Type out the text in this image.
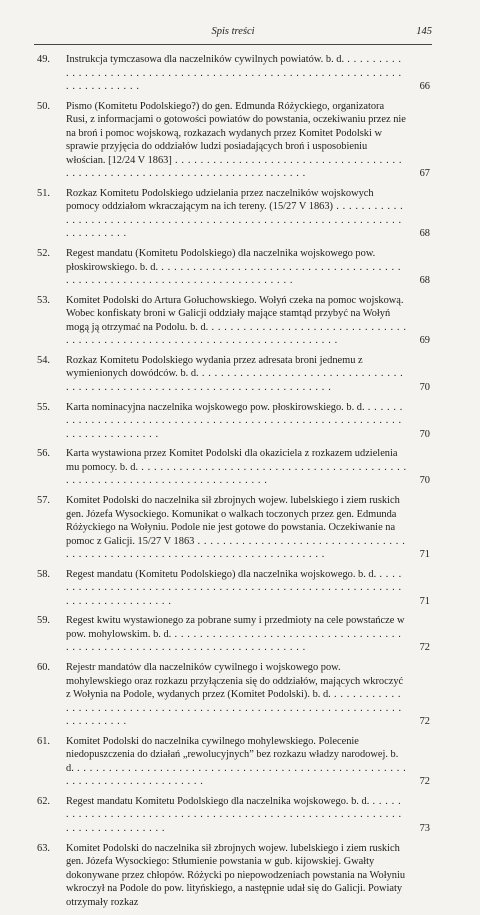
Spis treści	145
49.	Instrukcja tymczasowa dla naczelników cywilnych powiatów. b. d. . . .
66
50.	Pismo (Komitetu Podolskiego?) do gen. Edmunda Różyckiego, organizatora Rusi, z informacjami o gotowości powiatów do powstania, oczekiwaniu przez nie na broń i pomoc wojskową, rozkazach wydanych przez Komitet Podolski w sprawie przyjęcia do oddziałów ludzi posiadających broń i usposobieniu włościan. [12/24 V 1863] . . .
67
51.	Rozkaz Komitetu Podolskiego udzielania przez naczelników wojskowych pomocy oddziałom wkraczającym na ich tereny. (15/27 V 1863) . . .
68
52.	Regest mandatu (Komitetu Podolskiego) dla naczelnika wojskowego pow. płoskirowskiego. b. d. . . .
68
53.	Komitet Podolski do Artura Gołuchowskiego. Wołyń czeka na pomoc wojskową. Wobec konfiskaty broni w Galicji oddziały mające stamtąd przybyć na Wołyń mogą ją otrzymać na Podolu. b. d. . . .
69
54.	Rozkaz Komitetu Podolskiego wydania przez adresata broni jednemu z wymienionych dowódców. b. d. . . .
70
55.	Karta nominacyjna naczelnika wojskowego pow. płoskirowskiego. b. d. . . .
70
56.	Karta wystawiona przez Komitet Podolski dla okaziciela z rozkazem udzielenia mu pomocy. b. d. . . .
70
57.	Komitet Podolski do naczelnika sił zbrojnych wojew. lubelskiego i ziem ruskich gen. Józefa Wysockiego. Komunikat o walkach toczonych przez gen. Edmunda Różyckiego na Wołyniu. Podole nie jest gotowe do powstania. Oczekiwanie na pomoc z Galicji. 15/27 V 1863 . . .
71
58.	Regest mandatu (Komitetu Podolskiego) dla naczelnika wojskowego. b. d. . . .
71
59.	Regest kwitu wystawionego za pobrane sumy i przedmioty na cele powstańcze w pow. mohylowskim. b. d. . . .
72
60.	Rejestr mandatów dla naczelników cywilnego i wojskowego pow. mohylewskiego oraz rozkazu przyłączenia się do oddziałów, mających wkroczyć z Wołynia na Podole, wydanych przez (Komitet Podolski). b. d. . . .
72
61.	Komitet Podolski do naczelnika cywilnego mohylewskiego. Polecenie niedopuszczenia do działań „rewolucyjnych” bez rozkazu władzy narodowej. b. d. . . .
72
62.	Regest mandatu Komitetu Podolskiego dla naczelnika wojskowego. b. d. . . .
73
63.	Komitet Podolski do naczelnika sił zbrojnych wojew. lubelskiego i ziem ruskich gen. Józefa Wysockiego: Stłumienie powstania w gub. kijowskiej. Gwałty dokonywane przez chłopów. Różycki po niepowodzeniach powstania na Wołyniu wkroczył na Podole do pow. lityńskiego, a następnie udał się do Galicji. Powiaty otrzymały rozkaz
